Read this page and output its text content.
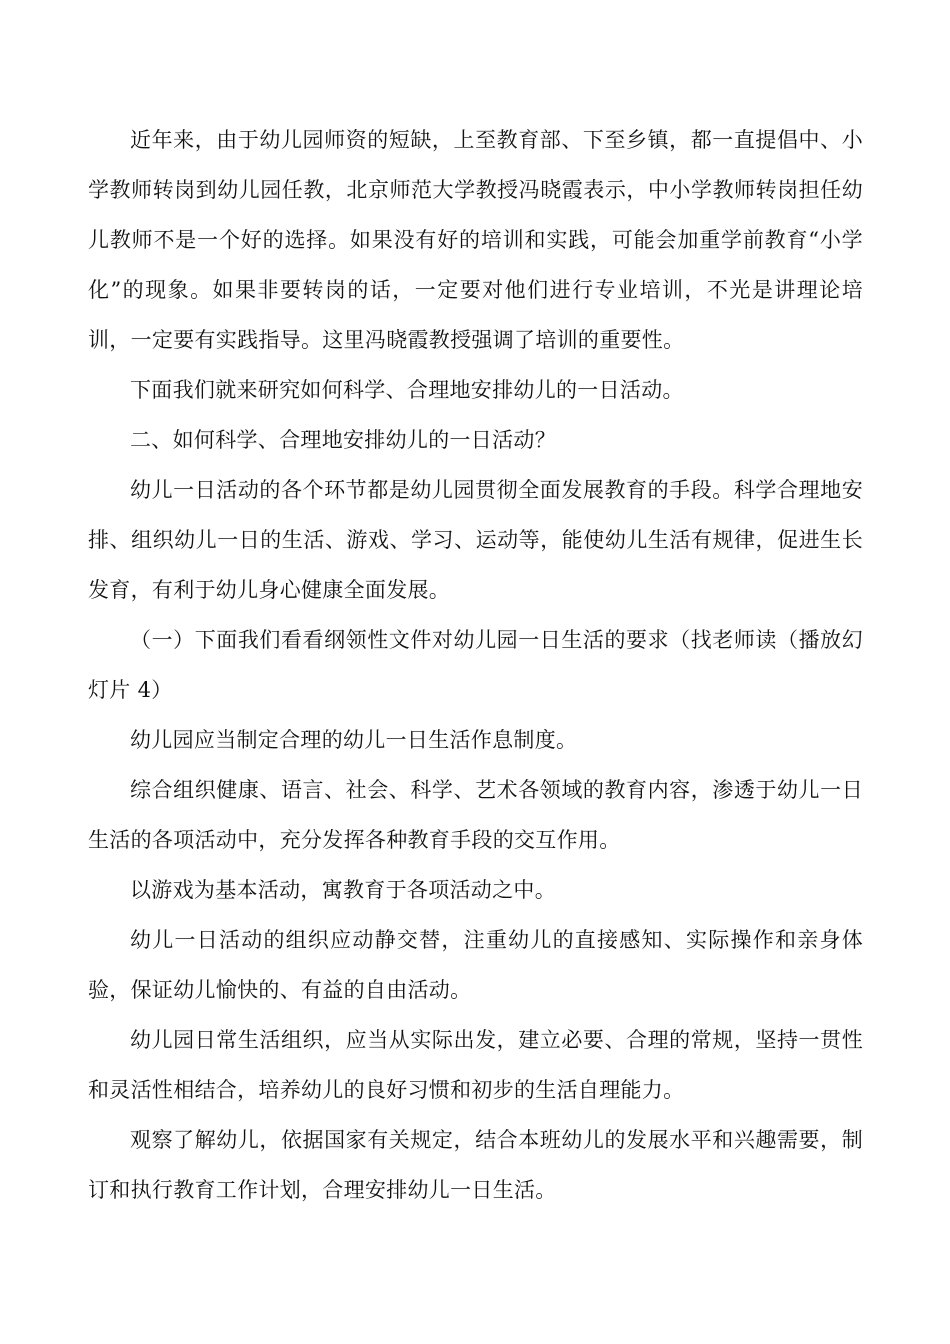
近年来，由于幼儿园师资的短缺，上至教育部、下至乡镇，都一直提倡中、小学教师转岗到幼儿园任教，北京师范大学教授冯晓霞表示，中小学教师转岗担任幼儿教师不是一个好的选择。如果没有好的培训和实践，可能会加重学前教育“小学化”的现象。如果非要转岗的话，一定要对他们进行专业培训，不光是讲理论培训，一定要有实践指导。这里冯晓霞教授强调了培训的重要性。

下面我们就来研究如何科学、合理地安排幼儿的一日活动。

二、如何科学、合理地安排幼儿的一日活动？

幼儿一日活动的各个环节都是幼儿园贯彻全面发展教育的手段。科学合理地安排、组织幼儿一日的生活、游戏、学习、运动等，能使幼儿生活有规律，促进生长发育，有利于幼儿身心健康全面发展。

（一）下面我们看看纲领性文件对幼儿园一日生活的要求（找老师读（播放幻灯片 4）

幼儿园应当制定合理的幼儿一日生活作息制度。

综合组织健康、语言、社会、科学、艺术各领域的教育内容，渗透于幼儿一日生活的各项活动中，充分发挥各种教育手段的交互作用。

以游戏为基本活动，寓教育于各项活动之中。

幼儿一日活动的组织应动静交替，注重幼儿的直接感知、实际操作和亲身体验，保证幼儿愉快的、有益的自由活动。

幼儿园日常生活组织，应当从实际出发，建立必要、合理的常规，坚持一贯性和灵活性相结合，培养幼儿的良好习惯和初步的生活自理能力。

观察了解幼儿，依据国家有关规定，结合本班幼儿的发展水平和兴趣需要，制订和执行教育工作计划，合理安排幼儿一日生活。
